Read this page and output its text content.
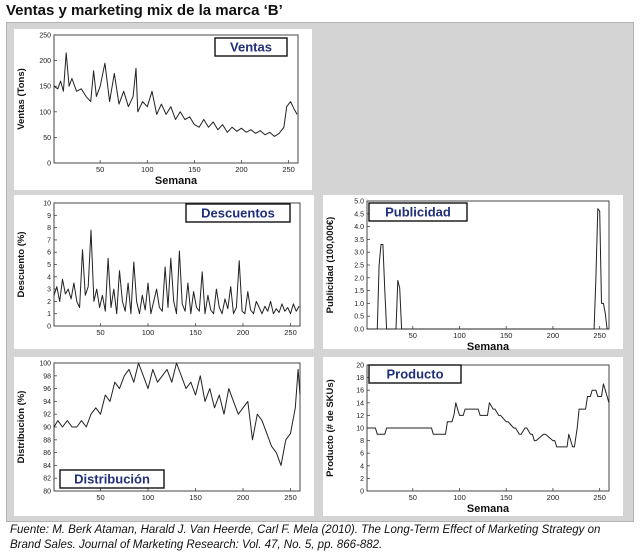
Ventas y marketing mix de la marca ‘B’
0
50
100
150
200
250
50	100	150	200	250
Semana
Ventas (Tons)
Ventas
0
1
2
3
4
5
6
7
8
9
10
50	100	150	200	250
Descuento (%)
Descuentos
0.0
0.5
1.0
1.5
2.0
2.5
3.0
3.5
4.0
4.5
5.0
50	100	150	200	250
Semana
Publicidad (100,000€)
Publicidad
80
82
84
86
88
90
92
94
96
98
100
50	100	150	200	250
Distribución (%)
Distribución
0
2
4
6
8
10
12
14
16
18
20
50	100	150	200	250
Semana
Producto (# de SKUs)
Producto
Fuente: M. Berk Ataman, Harald J. Van Heerde, Carl F. Mela (2010). The Long-Term Effect of Marketing Strategy on Brand Sales. Journal of Marketing Research: Vol. 47, No. 5, pp. 866-882.
